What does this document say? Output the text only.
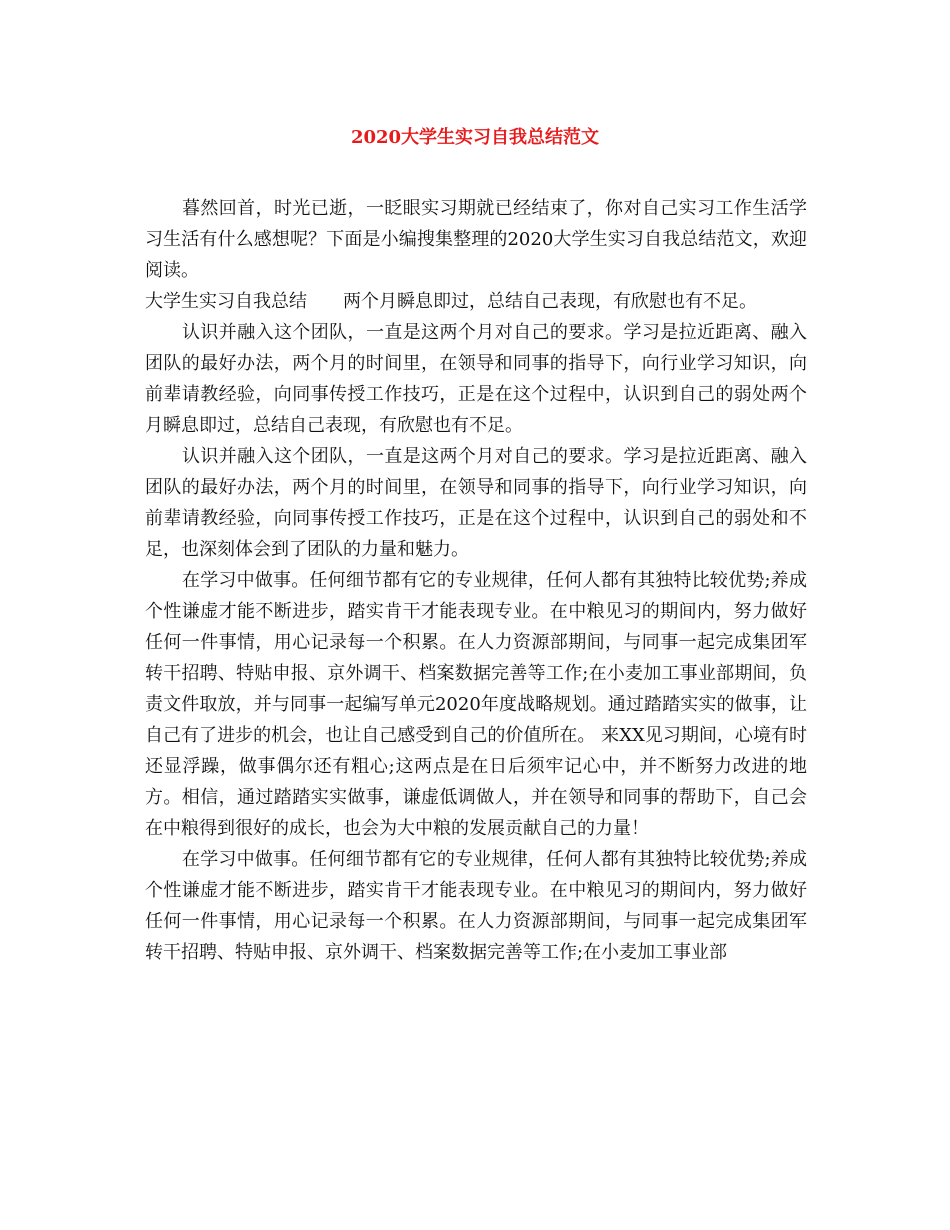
2020大学生实习自我总结范文

暮然回首，时光已逝，一眨眼实习期就已经结束了，你对自己实习工作生活学习生活有什么感想呢？下面是小编搜集整理的2020大学生实习自我总结范文，欢迎阅读。

大学生实习自我总结 两个月瞬息即过，总结自己表现，有欣慰也有不足。

认识并融入这个团队，一直是这两个月对自己的要求。学习是拉近距离、融入团队的最好办法，两个月的时间里，在领导和同事的指导下，向行业学习知识，向前辈请教经验，向同事传授工作技巧，正是在这个过程中，认识到自己的弱处两个月瞬息即过，总结自己表现，有欣慰也有不足。

认识并融入这个团队，一直是这两个月对自己的要求。学习是拉近距离、融入团队的最好办法，两个月的时间里，在领导和同事的指导下，向行业学习知识，向前辈请教经验，向同事传授工作技巧，正是在这个过程中，认识到自己的弱处和不足，也深刻体会到了团队的力量和魅力。

在学习中做事。任何细节都有它的专业规律，任何人都有其独特比较优势;养成个性谦虚才能不断进步，踏实肯干才能表现专业。在中粮见习的期间内，努力做好任何一件事情，用心记录每一个积累。在人力资源部期间，与同事一起完成集团军转干招聘、特贴申报、京外调干、档案数据完善等工作;在小麦加工事业部期间，负责文件取放，并与同事一起编写单元2020年度战略规划。通过踏踏实实的做事，让自己有了进步的机会，也让自己感受到自己的价值所在。 来XX见习期间，心境有时还显浮躁，做事偶尔还有粗心;这两点是在日后须牢记心中，并不断努力改进的地方。相信，通过踏踏实实做事，谦虚低调做人，并在领导和同事的帮助下，自己会在中粮得到很好的成长，也会为大中粮的发展贡献自己的力量！

在学习中做事。任何细节都有它的专业规律，任何人都有其独特比较优势;养成个性谦虚才能不断进步，踏实肯干才能表现专业。在中粮见习的期间内，努力做好任何一件事情，用心记录每一个积累。在人力资源部期间，与同事一起完成集团军转干招聘、特贴申报、京外调干、档案数据完善等工作;在小麦加工事业部
